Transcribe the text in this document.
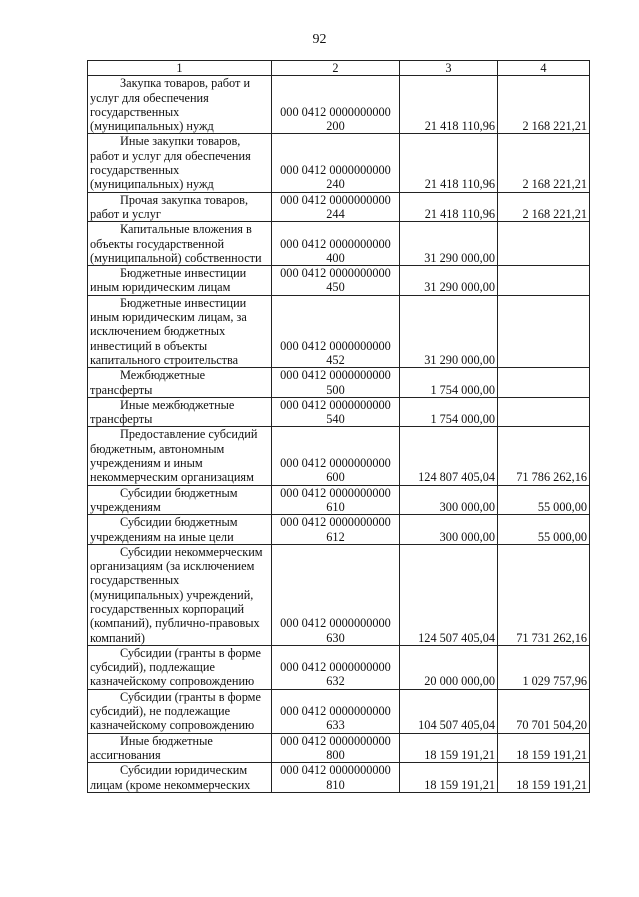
92
1	2	3	4

Закупка товаров, работ и услуг для обеспечения государственных (муниципальных) нужд	000 0412 0000000000
200	21 418 110,96	2 168 221,21

Иные закупки товаров, работ и услуг для обеспечения государственных (муниципальных) нужд	000 0412 0000000000
240	21 418 110,96	2 168 221,21

Прочая закупка товаров, работ и услуг	000 0412 0000000000
244	21 418 110,96	2 168 221,21

Капитальные вложения в объекты государственной (муниципальной) собственности	000 0412 0000000000
400	31 290 000,00	

Бюджетные инвестиции иным юридическим лицам	000 0412 0000000000
450	31 290 000,00	

Бюджетные инвестиции иным юридическим лицам, за исключением бюджетных инвестиций в объекты капитального строительства	000 0412 0000000000
452	31 290 000,00	

Межбюджетные трансферты	000 0412 0000000000
500	1 754 000,00	

Иные межбюджетные трансферты	000 0412 0000000000
540	1 754 000,00	

Предоставление субсидий бюджетным, автономным учреждениям и иным некоммерческим организациям	000 0412 0000000000
600	124 807 405,04	71 786 262,16

Субсидии бюджетным учреждениям	000 0412 0000000000
610	300 000,00	55 000,00

Субсидии бюджетным учреждениям на иные цели	000 0412 0000000000
612	300 000,00	55 000,00

Субсидии некоммерческим организациям (за исключением государственных (муниципальных) учреждений, государственных корпораций (компаний), публично-правовых компаний)	000 0412 0000000000
630	124 507 405,04	71 731 262,16

Субсидии (гранты в форме субсидий), подлежащие казначейскому сопровождению	000 0412 0000000000
632	20 000 000,00	1 029 757,96

Субсидии (гранты в форме субсидий), не подлежащие казначейскому сопровождению	000 0412 0000000000
633	104 507 405,04	70 701 504,20

Иные бюджетные ассигнования	000 0412 0000000000
800	18 159 191,21	18 159 191,21

Субсидии юридическим лицам (кроме некоммерческих	000 0412 0000000000
810	18 159 191,21	18 159 191,21
